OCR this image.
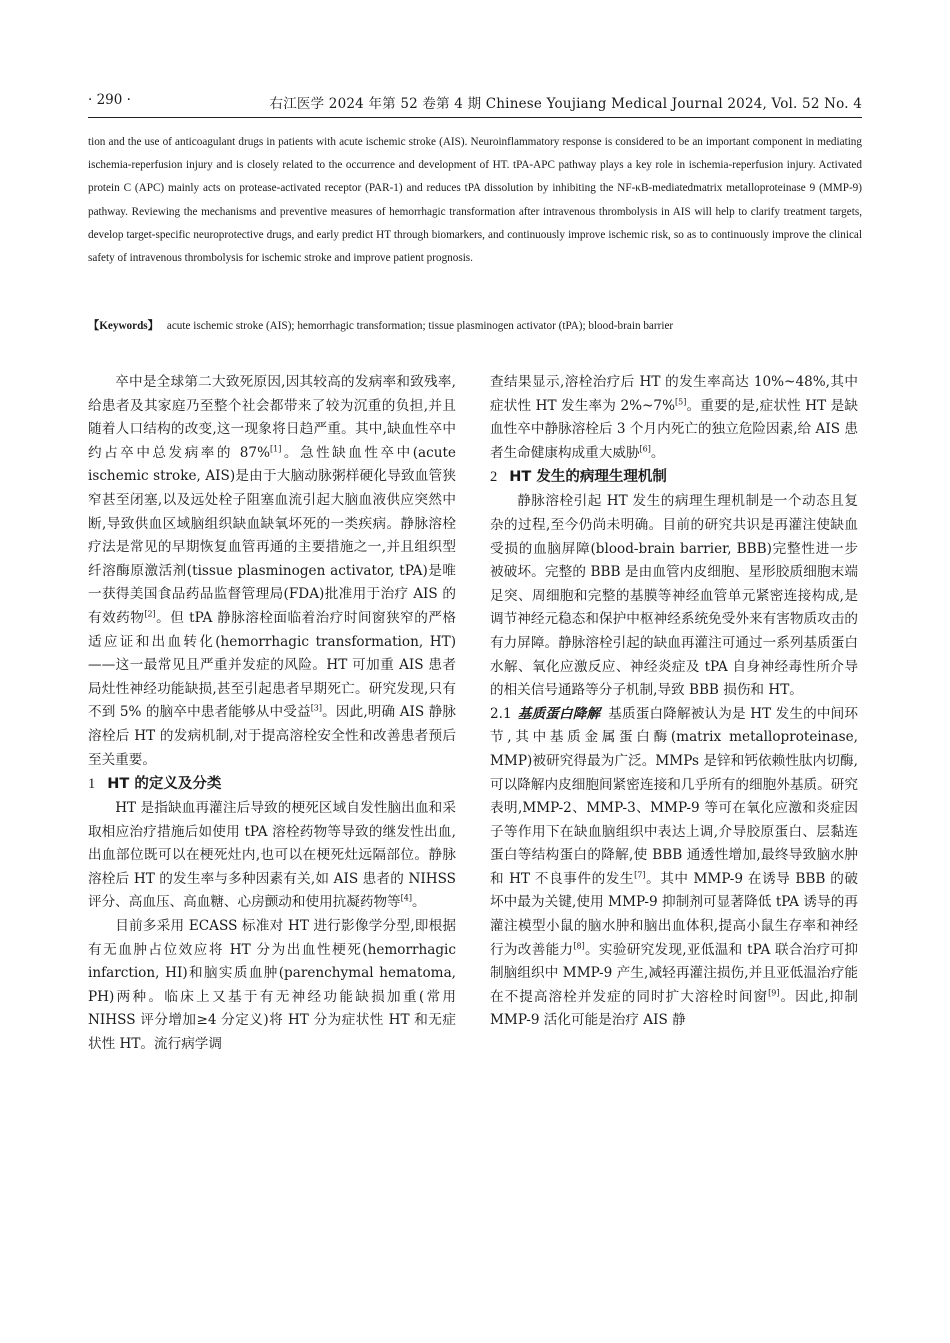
· 290 ·	右江医学 2024 年第 52 卷第 4 期 Chinese Youjiang Medical Journal 2024, Vol. 52 No. 4
tion and the use of anticoagulant drugs in patients with acute ischemic stroke (AIS). Neuroinflammatory response is considered to be an important component in mediating ischemia-reperfusion injury and is closely related to the occurrence and development of HT. tPA-APC pathway plays a key role in ischemia-reperfusion injury. Activated protein C (APC) mainly acts on protease-activated receptor (PAR-1) and reduces tPA dissolution by inhibiting the NF-κB-mediatedmatrix metalloproteinase 9 (MMP-9) pathway. Reviewing the mechanisms and preventive measures of hemorrhagic transformation after intravenous thrombolysis in AIS will help to clarify treatment targets, develop target-specific neuroprotective drugs, and early predict HT through biomarkers, and continuously improve ischemic risk, so as to continuously improve the clinical safety of intravenous thrombolysis for ischemic stroke and improve patient prognosis.
【Keywords】 acute ischemic stroke (AIS); hemorrhagic transformation; tissue plasminogen activator (tPA); blood-brain barrier

卒中是全球第二大致死原因,因其较高的发病率和致残率,给患者及其家庭乃至整个社会都带来了较为沉重的负担,并且随着人口结构的改变,这一现象将日趋严重。其中,缺血性卒中约占卒中总发病率的 87%[1]。急性缺血性卒中(acute ischemic stroke, AIS)是由于大脑动脉粥样硬化导致血管狭窄甚至闭塞,以及远处栓子阻塞血流引起大脑血液供应突然中断,导致供血区域脑组织缺血缺氧坏死的一类疾病。静脉溶栓疗法是常见的早期恢复血管再通的主要措施之一,并且组织型纤溶酶原激活剂(tissue plasminogen activator, tPA)是唯一获得美国食品药品监督管理局(FDA)批准用于治疗 AIS 的有效药物[2]。但 tPA 静脉溶栓面临着治疗时间窗狭窄的严格适应证和出血转化(hemorrhagic transformation, HT)——这一最常见且严重并发症的风险。HT 可加重 AIS 患者局灶性神经功能缺损,甚至引起患者早期死亡。研究发现,只有不到 5% 的脑卒中患者能够从中受益[3]。因此,明确 AIS 静脉溶栓后 HT 的发病机制,对于提高溶栓安全性和改善患者预后至关重要。

1 HT 的定义及分类

HT 是指缺血再灌注后导致的梗死区域自发性脑出血和采取相应治疗措施后如使用 tPA 溶栓药物等导致的继发性出血,出血部位既可以在梗死灶内,也可以在梗死灶远隔部位。静脉溶栓后 HT 的发生率与多种因素有关,如 AIS 患者的 NIHSS 评分、高血压、高血糖、心房颤动和使用抗凝药物等[4]。

目前多采用 ECASS 标准对 HT 进行影像学分型,即根据有无血肿占位效应将 HT 分为出血性梗死(hemorrhagic infarction, HI)和脑实质血肿(parenchymal hematoma, PH)两种。临床上又基于有无神经功能缺损加重(常用 NIHSS 评分增加≥4 分定义)将 HT 分为症状性 HT 和无症状性 HT。流行病学调

查结果显示,溶栓治疗后 HT 的发生率高达 10%~48%,其中症状性 HT 发生率为 2%~7%[5]。重要的是,症状性 HT 是缺血性卒中静脉溶栓后 3 个月内死亡的独立危险因素,给 AIS 患者生命健康构成重大威胁[6]。

2 HT 发生的病理生理机制

静脉溶栓引起 HT 发生的病理生理机制是一个动态且复杂的过程,至今仍尚未明确。目前的研究共识是再灌注使缺血受损的血脑屏障(blood-brain barrier, BBB)完整性进一步被破坏。完整的 BBB 是由血管内皮细胞、星形胶质细胞末端足突、周细胞和完整的基膜等神经血管单元紧密连接构成,是调节神经元稳态和保护中枢神经系统免受外来有害物质攻击的有力屏障。静脉溶栓引起的缺血再灌注可通过一系列基质蛋白水解、氧化应激反应、神经炎症及 tPA 自身神经毒性所介导的相关信号通路等分子机制,导致 BBB 损伤和 HT。

2.1 基质蛋白降解 基质蛋白降解被认为是 HT 发生的中间环节,其中基质金属蛋白酶(matrix metalloproteinase, MMP)被研究得最为广泛。MMPs 是锌和钙依赖性肽内切酶,可以降解内皮细胞间紧密连接和几乎所有的细胞外基质。研究表明,MMP-2、MMP-3、MMP-9 等可在氧化应激和炎症因子等作用下在缺血脑组织中表达上调,介导胶原蛋白、层黏连蛋白等结构蛋白的降解,使 BBB 通透性增加,最终导致脑水肿和 HT 不良事件的发生[7]。其中 MMP-9 在诱导 BBB 的破坏中最为关键,使用 MMP-9 抑制剂可显著降低 tPA 诱导的再灌注模型小鼠的脑水肿和脑出血体积,提高小鼠生存率和神经行为改善能力[8]。实验研究发现,亚低温和 tPA 联合治疗可抑制脑组织中 MMP-9 产生,减轻再灌注损伤,并且亚低温治疗能在不提高溶栓并发症的同时扩大溶栓时间窗[9]。因此,抑制 MMP-9 活化可能是治疗 AIS 静
